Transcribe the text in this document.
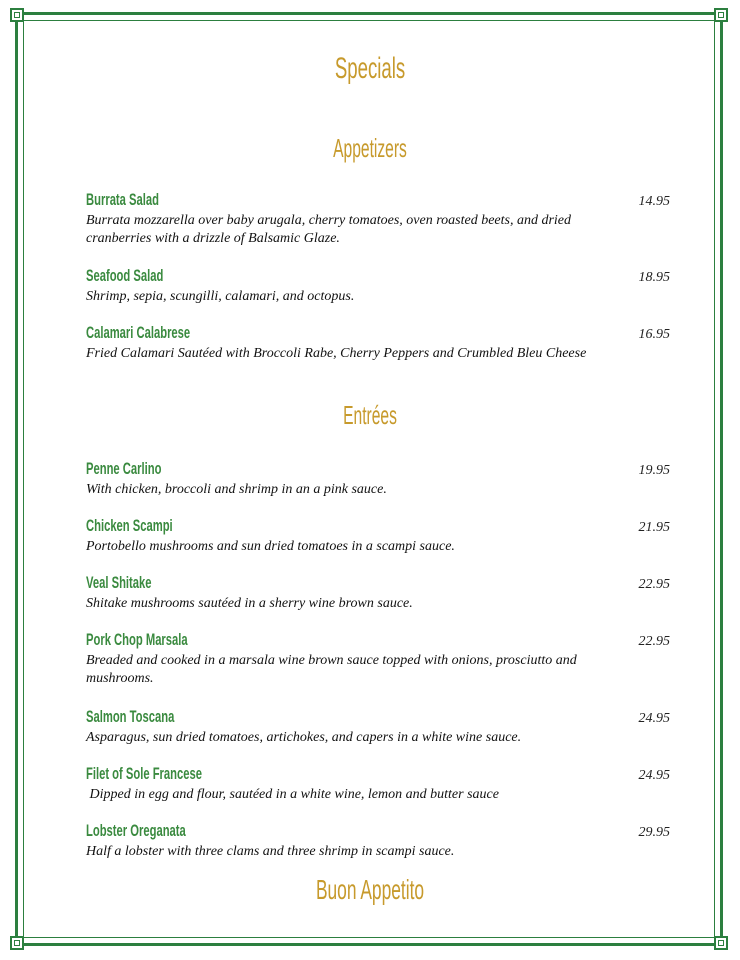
Specials
Appetizers
Burrata Salad	14.95
Burrata mozzarella over baby arugala, cherry tomatoes, oven roasted beets, and dried cranberries with a drizzle of Balsamic Glaze.
Seafood Salad	18.95
Shrimp, sepia, scungilli, calamari, and octopus.
Calamari Calabrese	16.95
Fried Calamari Sautéed with Broccoli Rabe, Cherry Peppers and Crumbled Bleu Cheese
Entrées
Penne Carlino	19.95
With chicken, broccoli and shrimp in an a pink sauce.
Chicken Scampi	21.95
Portobello mushrooms and sun dried tomatoes in a scampi sauce.
Veal Shitake	22.95
Shitake mushrooms sautéed in a sherry wine brown sauce.
Pork Chop Marsala	22.95
Breaded and cooked in a marsala wine brown sauce topped with onions, prosciutto and mushrooms.
Salmon Toscana	24.95
Asparagus, sun dried tomatoes, artichokes, and capers in a white wine sauce.
Filet of Sole Francese	24.95
Dipped in egg and flour, sautéed in a white wine, lemon and butter sauce
Lobster Oreganata	29.95
Half a lobster with three clams and three shrimp in scampi sauce.
Buon Appetito
